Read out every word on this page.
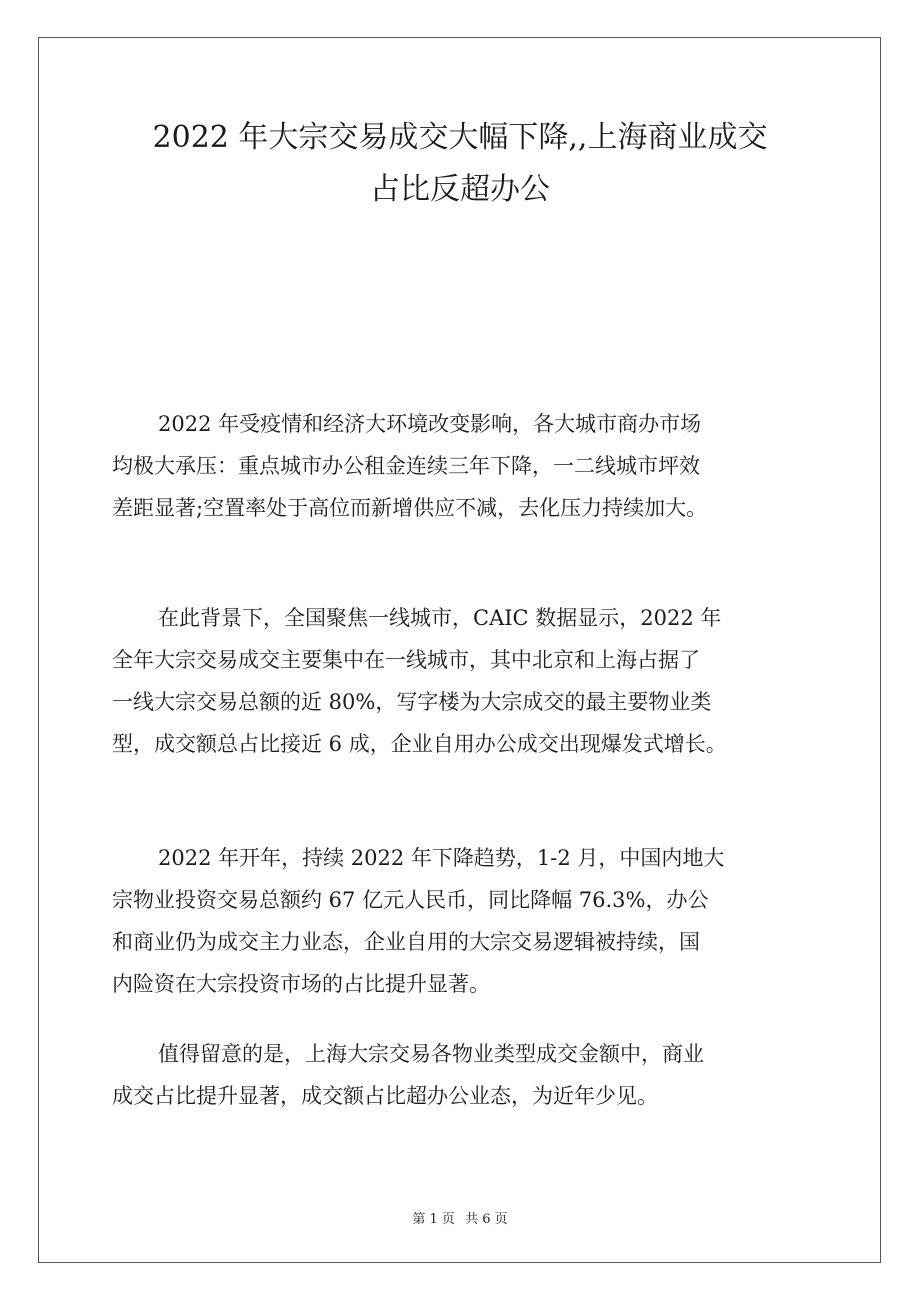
2022 年大宗交易成交大幅下降,,上海商业成交
占比反超办公

2022 年受疫情和经济大环境改变影响，各大城市商办市场
均极大承压：重点城市办公租金连续三年下降，一二线城市坪效
差距显著;空置率处于高位而新增供应不减，去化压力持续加大。

在此背景下，全国聚焦一线城市，CAIC 数据显示，2022 年
全年大宗交易成交主要集中在一线城市，其中北京和上海占据了
一线大宗交易总额的近 80%，写字楼为大宗成交的最主要物业类
型，成交额总占比接近 6 成，企业自用办公成交出现爆发式增长。

2022 年开年，持续 2022 年下降趋势，1-2 月，中国内地大
宗物业投资交易总额约 67 亿元人民币，同比降幅 76.3%，办公
和商业仍为成交主力业态，企业自用的大宗交易逻辑被持续，国
内险资在大宗投资市场的占比提升显著。

值得留意的是，上海大宗交易各物业类型成交金额中，商业
成交占比提升显著，成交额占比超办公业态，为近年少见。

第 1 页 共 6 页
